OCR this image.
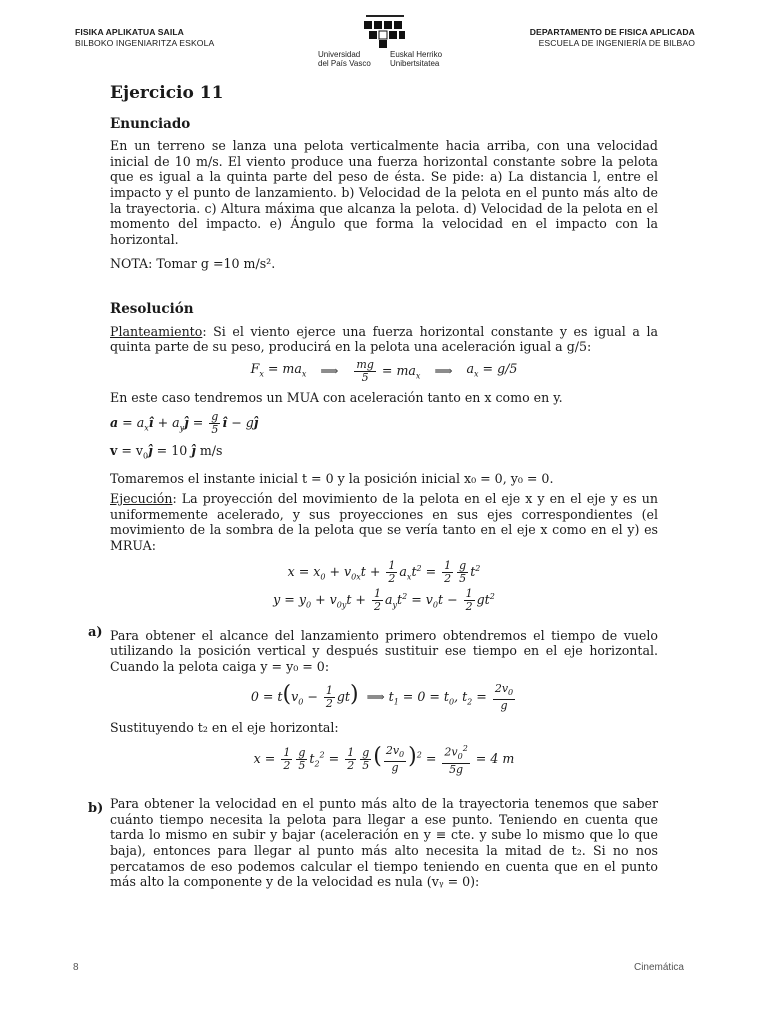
FISIKA APLIKATUA SAILA
BILBOKO INGENIARITZA ESKOLA
Universidad
del País Vasco
Euskal Herriko
Unibertsitatea
DEPARTAMENTO DE FISICA APLICADA
ESCUELA DE INGENIERÍA DE BILBAO
Ejercicio 11
Enunciado

En un terreno se lanza una pelota verticalmente hacia arriba, con una velocidad inicial de 10 m/s. El viento produce una fuerza horizontal constante sobre la pelota que es igual a la quinta parte del peso de ésta. Se pide: a) La distancia l, entre el impacto y el punto de lanzamiento. b) Velocidad de la pelota en el punto más alto de la trayectoria. c) Altura máxima que alcanza la pelota. d) Velocidad de la pelota en el momento del impacto. e) Ángulo que forma la velocidad en el impacto con la horizontal.

NOTA: Tomar g =10 m/s².

Resolución

Planteamiento: Si el viento ejerce una fuerza horizontal constante y es igual a la quinta parte de su peso, producirá en la pelota una aceleración igual a g/5:

$F_x = ma_x$ ⟹ $\frac{mg}{5} = ma_x$ ⟹ $a_x = g/5$

En este caso tendremos un MUA con aceleración tanto en x como en y.

$a = a_xî$ + $a_yĵ = \frac{g}{5}$ î − gĵ
$v = v_0ĵ = 10$ ĵ m/s

Tomaremos el instante inicial t = 0 y la posición inicial x₀ = 0, y₀ = 0.

Ejecución: La proyección del movimiento de la pelota en el eje x y en el eje y es un uniformemente acelerado, y sus proyecciones en sus ejes correspondientes (el movimiento de la sombra de la pelota que se vería tanto en el eje x como en el y) es MRUA:

$x = x_0 + v_{0x}t + \frac{1}{2} a_xt^2 = \frac{1}{2} \frac{g}{5} t^2$
$y = y_0 + v_{0y}t + \frac{1}{2} a_yt^2 = v_0t - \frac{1}{2} gt^2$

Para obtener el alcance del lanzamiento primero obtendremos el tiempo de vuelo utilizando la posición vertical y después sustituir ese tiempo en el eje horizontal. Cuando la pelota caiga y = y₀ = 0:

$0 = t(v_0 - \frac{1}{2} gt)$  ⟹ $t_1 = 0 = t_0$, $t_2 = \frac{2v_0}{g}$

Sustituyendo t₂ en el eje horizontal:

$x = \frac{1}{2} \frac{g}{5} t_2^2 = \frac{1}{2} \frac{g}{5}$ ( $\frac{2v_0}{g} )^2 = \frac{2v_0^2}{5g} = 4$ m

Para obtener la velocidad en el punto más alto de la trayectoria tenemos que saber cuánto tiempo necesita la pelota para llegar a ese punto. Teniendo en cuenta que tarda lo mismo en subir y bajar (aceleración en y ≡ cte. y sube lo mismo que lo que baja), entonces para llegar al punto más alto necesita la mitad de t₂. Si no nos percatamos de eso podemos calcular el tiempo teniendo en cuenta que en el punto más alto la componente y de la velocidad es nula (vᵧ = 0):

a)
b)
8	Cinemática
